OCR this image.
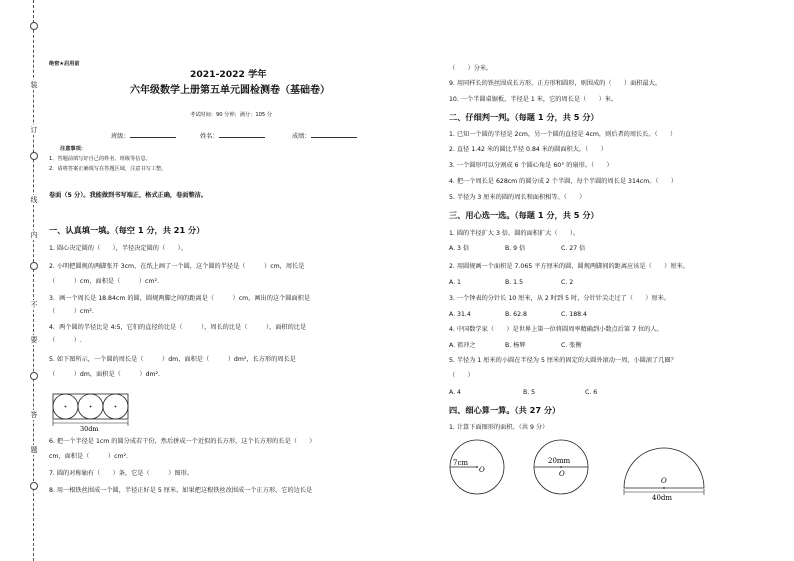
装
订
线
内
不
要
答
题
绝密★启用前
2021-2022 学年
六年级数学上册第五单元圆检测卷（基础卷）
考试时间：90 分钟；满分：105 分
班级：	姓名：	成绩：
注意事项：
1．答题前填写好自己的姓名、班级等信息。
2．请将答案正确填写在答题区域，注意书写工整。
卷面（5 分）。我能做到书写端正，格式正确，卷面整洁。
一、认真填一填。（每空 1 分，共 21 分）
1. 圆心决定圆的（　　），半径决定圆的（　　）。
2. 小明把圆规的两脚张开 3cm，在纸上画了一个圆，这个圆的半径是（　　　）cm，周长是
（　　　）cm，面积是（　　　）cm².
3．画一个周长是 18.84cm 的圆，圆规两脚之间的距离是（　　　）cm，画出的这个圆面积是
（　　　）cm².
4．两个圆的半径比是 4:5，它们的直径的比是（　　　），周长的比是（　　　），面积的比是
（　　　）.
5. 如下图所示，一个圆的周长是（　　　）dm，面积是（　　　）dm²，长方形的周长是
（　　　）dm，面积是（　　　）dm².
30dm
6. 把一个半径是 1cm 的圆分成若干份，然后拼成一个近似的长方形，这个长方形的长是（　　）
cm，面积是（　　　）cm².
7. 圆的对称轴有（　　）条，它是（　　　）图形。
8. 用一根铁丝围成一个圆，半径正好是 5 厘米，如果把这根铁丝改围成一个正方形，它的边长是
（　　）分米。
9. 用同样长的铁丝围成长方形、正方形和圆形，则围成的（　　）面积最大。
10. 一个半圆桌锯板，半径是 1 米，它的周长是（　　）米。
二、仔细判一判。（每题 1 分，共 5 分）
1. 已知一个圆的半径是 2cm，另一个圆的直径是 4cm，则后者的周长长。（　　）
2. 直径 1.42 米的圆比半径 0.84 米的圆面积大。（　　）
3. 一个圆形可以分割成 6 个圆心角是 60° 的扇形。（　　）
4. 把一个周长是 628cm 的圆分成 2 个半圆，每个半圆的周长是 314cm。（　　）
5. 半径为 3 厘米的圆的周长和面积相等。（　　）
三、用心选一选。（每题 1 分，共 5 分）
1. 圆的半径扩大 3 倍，圆的面积扩大（　　）。
A. 3 倍	B. 9 倍	C. 27 倍
2. 用圆规画一个面积是 7.065 平方厘米的圆，圆规两脚间的距离应该是（　　）厘米。
A. 1	B. 1.5	C. 2
3. 一个钟表的分针长 10 厘米，从 2 时到 5 时，分针针尖走过了（　　）厘米。
A. 31.4	B. 62.8	C. 188.4
4. 中国数学家（　　）是世界上第一位将圆周率精确到小数点后第 7 位的人。
A. 祖冲之	B. 杨辉	C. 张衡
5. 半径为 1 厘米的小圆在半径为 5 厘米的固定的大圆外滚动一周，小圆滚了几圈？
（　　）
A. 4	B. 5	C. 6
四、细心算一算。（共 27 分）
1. 计算下面图形的面积。（共 9 分）
7cm
O
20mm
O
O
40dm
